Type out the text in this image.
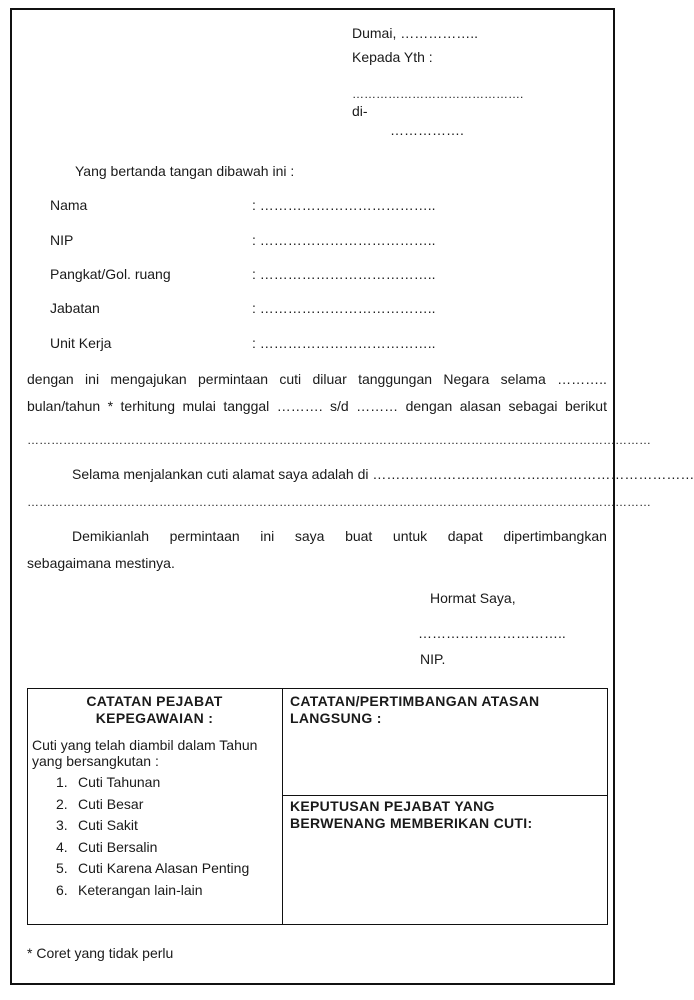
Dumai, ……………..
Kepada Yth :
…………………………………….
di-
…………….
Yang bertanda tangan dibawah ini :
Nama	: ………………………………..
NIP	: ………………………………..
Pangkat/Gol. ruang	: ………………………………..
Jabatan	: ………………………………..
Unit Kerja	: ………………………………..
dengan ini mengajukan permintaan cuti diluar tanggungan Negara selama ………..
bulan/tahun * terhitung mulai tanggal ………. s/d ……… dengan alasan sebagai berikut
…………………………………………………………………………………………………………………………………………
Selama menjalankan cuti alamat saya adalah di ……………………………………………………………
…………………………………………………………………………………………………………………………………………
Demikianlah permintaan ini saya buat untuk dapat dipertimbangkan
sebagaimana mestinya.
Hormat Saya,
…………………………..
NIP.
CATATAN PEJABAT
KEPEGAWAIAN :
Cuti yang telah diambil dalam Tahun
yang bersangkutan :
1. Cuti Tahunan
2. Cuti Besar
3. Cuti Sakit
4. Cuti Bersalin
5. Cuti Karena Alasan Penting
6. Keterangan lain-lain
CATATAN/PERTIMBANGAN ATASAN
LANGSUNG :
KEPUTUSAN PEJABAT YANG
BERWENANG MEMBERIKAN CUTI:
* Coret yang tidak perlu
